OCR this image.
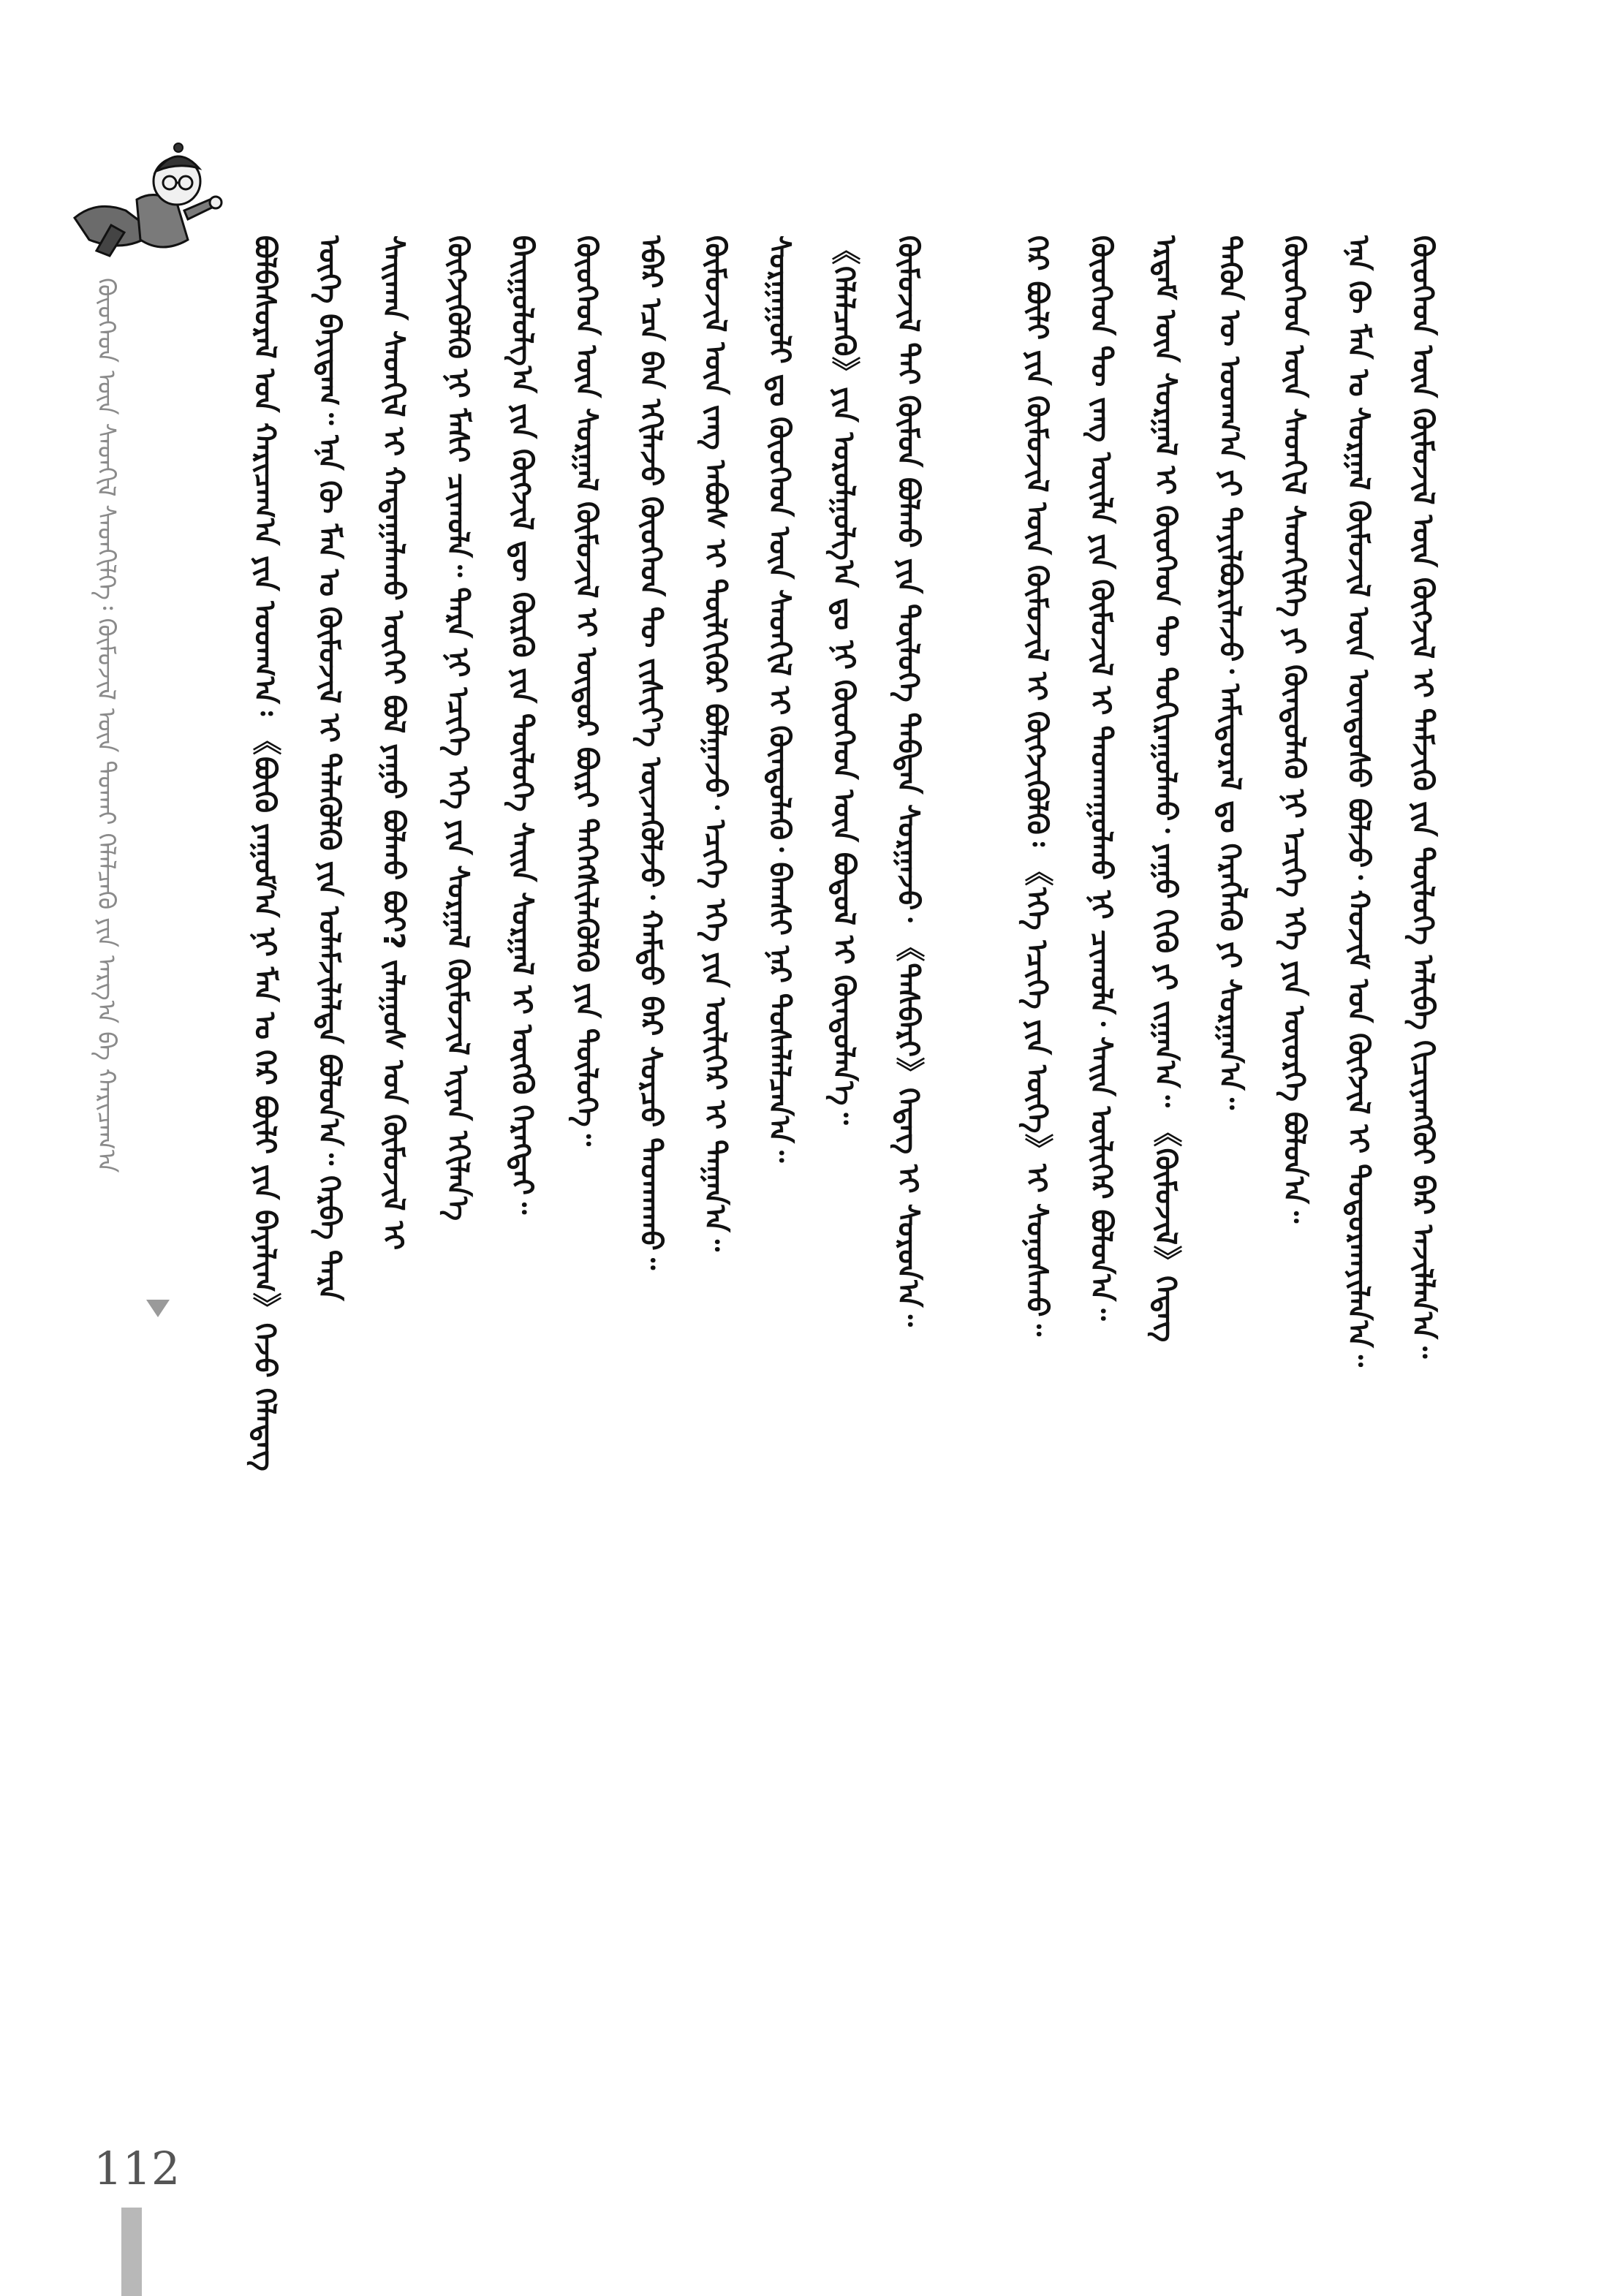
ᠬᠦᠦᠬᠡᠳ ᠦᠨ ᠰᠡᠳᠬᠢᠯ ᠰᠡᠳᠬᠢᠯᠭᠡ᠄ ᠬᠦᠮᠦᠵᠢᠯ ᠦᠨ ᠲᠤᠬᠠᠢ ᠬᠡᠯᠡᠯᠴᠡᠬᠦ ᠶᠢᠨ ᠠᠷᠭ᠎ᠠ ᠪᠠ ᠬᠠᠷᠢᠴᠠᠭ᠎ᠠ	ᠪᠣᠯᠪᠠᠰᠤᠷᠠᠯ ᠤᠨ ᠬᠠᠷᠢᠴᠠᠭ᠎ᠠ ᠶᠢᠨ ᠤᠳᠬ᠎ᠠ᠄ 《ᠪᠦᠬᠦ ᠶᠠᠭᠤᠮ᠎ᠠ ᠨᠢ ᠮᠠᠨ ᠤ ᠭᠡᠷ ᠪᠦᠯᠢ ᠶᠢᠨ ᠪᠠᠶᠠᠯᠢᠭ》ᠭᠡᠵᠦ ᠬᠡᠯᠡᠳᠡᠭ	ᠦᠭᠡ ᠪᠠᠶᠢᠳᠠᠭ᠃ ᠡᠨᠡ ᠬᠦ ᠮᠠᠨ ᠤ ᠬᠦᠮᠦᠵᠢᠯ ᠢ ᠲᠡᠯᠡᠭᠦᠯᠬᠦ ᠶᠢᠨ ᠤᠯᠠᠮᠵᠢᠯᠠᠯᠲᠠ ᠪᠣᠯᠤᠨ᠎ᠠ᠃ ᠬᠡᠷᠪᠡ ᠲᠡᠷᠡ	ᠰᠠᠢᠬᠠᠨ ᠰᠡᠳᠬᠢᠯ ᠢ ᠬᠠᠳᠠᠭᠠᠯᠠᠬᠤ ᠦᠭᠡᠢ ᠪᠣᠯ ᠶᠠᠭᠤ ᠪᠣᠯᠬᠤ ᠪᠤᠢ? ᠵᠠᠯᠠᠭᠤᠰ ᠤᠨ ᠬᠦᠮᠦᠵᠢᠯ ᠢ	ᠬᠥᠭᠵᠢᠭᠦᠯᠬᠦ ᠨᠢ ᠮᠠᠰᠢ ᠴᠢᠬᠤᠯᠠ᠃ ᠲᠡᠷᠡ ᠨᠢ ᠡᠴᠢᠭᠡ ᠡᠬᠡ ᠶᠢᠨ ᠰᠤᠷᠭᠠᠯ ᠬᠦᠮᠦᠵᠢᠯ ᠢᠶᠡᠨ ᠡᠬᠢᠯᠡᠨ᠎ᠡ	ᠪᠠᠢᠭᠤᠯᠤᠯᠭ᠎ᠠ ᠶᠢᠨ ᠬᠥᠭᠵᠢᠯ ᠳᠦ ᠬᠦᠷᠬᠦ ᠶᠢᠨ ᠲᠥᠯᠥᠭᠡ ᠰᠠᠢᠨ ᠰᠤᠷᠭᠠᠯ ᠢ ᠥᠭᠬᠦ ᠬᠡᠷᠡᠭᠲᠡᠢ᠃	ᠬᠦᠦᠬᠡᠳ ᠦᠨ ᠰᠤᠷᠭᠠᠯ ᠬᠦᠮᠦᠵᠢᠯ ᠢ ᠥᠳᠦᠷ ᠪᠦᠷᠢ ᠳᠡᠭᠡᠭᠰᠢᠯᠡᠭᠦᠯᠬᠦ ᠶᠢᠨ ᠲᠥᠯᠥᠭᠡ᠃	ᠡᠪᠡᠷ ᠡᠴᠡ ᠪᠡᠨ ᠡᠬᠢᠯᠡᠵᠦ ᠬᠦᠦᠬᠡᠳ ᠲᠦ ᠵᠢᠱᠢᠶ᠎ᠡ ᠦᠵᠡᠭᠦᠯᠵᠦ᠂ ᠬᠠᠮᠲᠤ ᠪᠡᠷ ᠰᠤᠷᠴᠤ ᠳᠠᠳᠬᠠᠬᠤ᠃	ᠬᠦᠮᠦᠵᠢᠯ ᠦᠨ ᠵᠠᠩ ᠠᠪᠤᠰ ᠢ ᠲᠦᠯᠬᠢᠭᠦᠷ ᠪᠣᠯᠭᠠᠵᠤ᠂ ᠡᠴᠢᠭᠡ ᠡᠬᠡ ᠶᠢᠨ ᠦᠯᠢᠭᠡᠷ ᠢ ᠳᠠᠭᠠᠨ᠎ᠠ᠃	ᠰᠤᠷᠭᠠᠭᠤᠯᠢ ᠳᠤ ᠬᠦᠦᠬᠡᠳ ᠦᠨ ᠰᠡᠳᠬᠢᠯ ᠢ ᠬᠦᠨᠳᠦᠯᠡᠬᠦ᠂ ᠪᠠᠭᠰᠢ ᠨᠠᠷ ᠲᠤᠰᠠᠯᠠᠯᠴᠠᠨ᠎ᠠ᠃	《ᠬᠡᠯᠡᠯᠴᠡᠬᠦ》ᠶᠢᠨ ᠤᠷᠤᠯᠭᠤᠯᠭ᠎ᠠ ᠳᠤ ᠨᠢ ᠬᠦᠦᠬᠡᠳ ᠦᠨ ᠪᠤᠳᠤᠯ ᠢ ᠬᠦᠨᠳᠦᠯᠡᠨ᠎ᠡ᠃	ᠬᠦᠮᠦᠵᠢᠯ ᠲᠡᠢ ᠬᠦᠮᠦᠨ ᠪᠣᠯᠬᠤ ᠶᠢᠨ ᠲᠥᠯᠥᠭᠡ ᠳᠠᠪᠲᠠᠨ ᠰᠤᠷᠭᠠᠵᠤ᠂ 《ᠲᠡᠰᠪᠡᠷᠢ》ᠭᠡᠳᠡᠭ ᠢ ᠰᠤᠷᠤᠨ᠎ᠠ᠃	ᠭᠡᠷ ᠪᠦᠯᠢ ᠶᠢᠨ ᠬᠦᠮᠦᠵᠢᠯ ᠦᠨ ᠬᠦᠮᠦᠵᠢᠯ ᠢ ᠬᠥᠭᠵᠢᠭᠦᠯᠬᠦ᠄ 《ᠡᠬᠡ ᠡᠴᠢᠭᠡ ᠶᠢᠨ ᠦᠭᠡ》ᠢ ᠰᠣᠨᠣᠰᠬᠤ᠃	ᠬᠦᠦᠬᠡᠳ ᠲᠦ ᠵᠠᠩ ᠦᠢᠯᠡ ᠶᠢᠨ ᠬᠦᠮᠦᠵᠢᠯ ᠢ ᠳᠠᠳᠬᠠᠭᠤᠯᠬᠤ ᠨᠢ ᠴᠢᠬᠤᠯᠠ᠂ ᠰᠠᠢᠨ ᠦᠯᠢᠭᠡᠷ ᠪᠣᠯᠤᠨ᠎ᠠ᠃	ᠡᠷᠳᠡᠮ ᠦᠨ ᠰᠤᠷᠭᠠᠯ ᠢ ᠬᠦᠦᠬᠡᠳ ᠲᠦ ᠲᠣᠬᠢᠷᠠᠭᠤᠯᠬᠤ᠂ ᠶᠠᠭᠤ ᠬᠢᠬᠦ ᠶᠢ ᠵᠢᠭᠠᠨ᠎ᠠ᠃ 《ᠬᠦᠮᠦᠵᠢᠯ》ᠭᠡᠳᠡᠭ	ᠲᠡᠭᠦᠨ ᠦ ᠤᠳᠬ᠎ᠠ ᠶᠢ ᠲᠠᠶᠢᠯᠪᠤᠷᠢᠯᠠᠵᠤ᠂ ᠠᠮᠢᠳᠤᠷᠠᠯ ᠳᠤ ᠬᠡᠷᠡᠭᠯᠡᠬᠦ ᠶᠢ ᠰᠤᠷᠭᠠᠨ᠎ᠠ᠃	ᠬᠦᠦᠬᠡᠳ ᠦᠨ ᠰᠡᠳᠬᠢᠯ ᠰᠡᠳᠬᠢᠯᠭᠡ ᠶᠢ ᠬᠦᠨᠳᠦᠯᠡᠬᠦ ᠨᠢ ᠡᠴᠢᠭᠡ ᠡᠬᠡ ᠶᠢᠨ ᠦᠦᠷᠭᠡ ᠪᠣᠯᠤᠨ᠎ᠠ᠃	ᠡᠨᠡ ᠬᠦ ᠮᠠᠨ ᠤ ᠰᠤᠷᠭᠠᠯ ᠬᠦᠮᠦᠵᠢᠯ ᠦᠨ ᠦᠨᠳᠦᠰᠦ ᠪᠣᠯᠵᠤ᠂ ᠬᠣᠵᠢᠮ ᠤᠨ ᠬᠥᠭᠵᠢᠯ ᠢ ᠲᠣᠳᠤᠷᠬᠠᠶᠢᠯᠠᠨ᠎ᠠ᠃	ᠬᠦᠦᠬᠡᠳ ᠦᠨ ᠬᠦᠮᠦᠵᠢᠯ ᠦᠨ ᠬᠥᠭᠵᠢᠯ ᠢ ᠳᠡᠮᠵᠢᠬᠦ ᠶᠢᠨ ᠲᠥᠯᠥᠭᠡ ᠠᠯᠢᠪᠠ ᠬᠢᠴᠢᠶᠡᠩᠭᠦᠢ ᠪᠡᠷ ᠠᠵᠢᠯᠯᠠᠨ᠎ᠠ᠃
112
